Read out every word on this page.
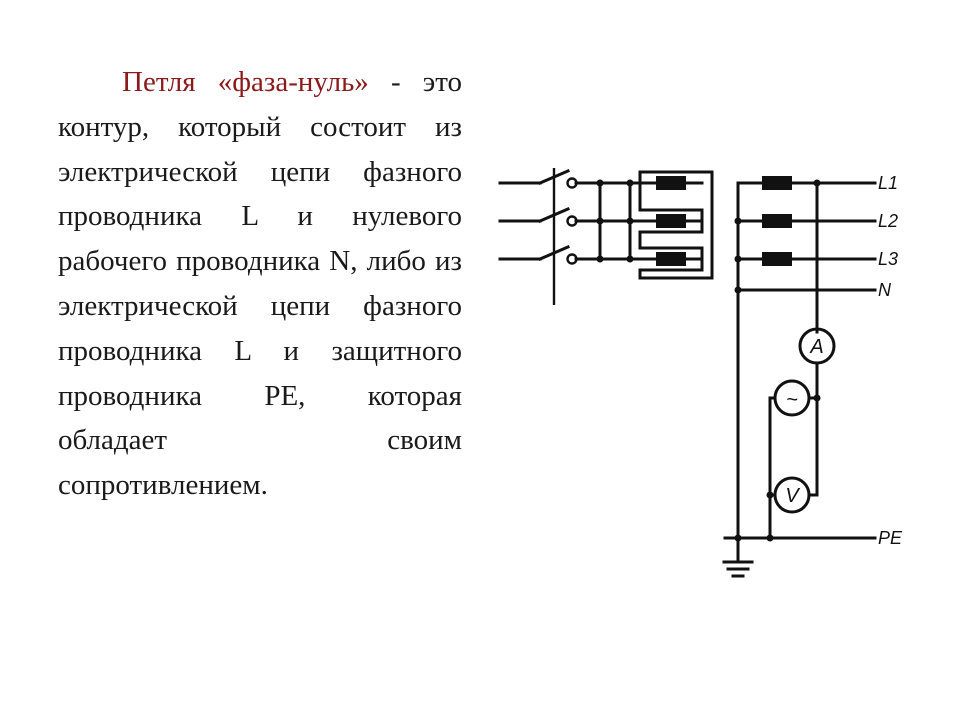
Петля «фаза-нуль» - это контур, который состоит из электрической цепи фазного проводника L и нулевого рабочего проводника N, либо из электрической цепи фазного проводника L и защитного проводника РЕ, которая обладает своим сопротивлением.
A
~
V
L1
L2
L3
N
PE
